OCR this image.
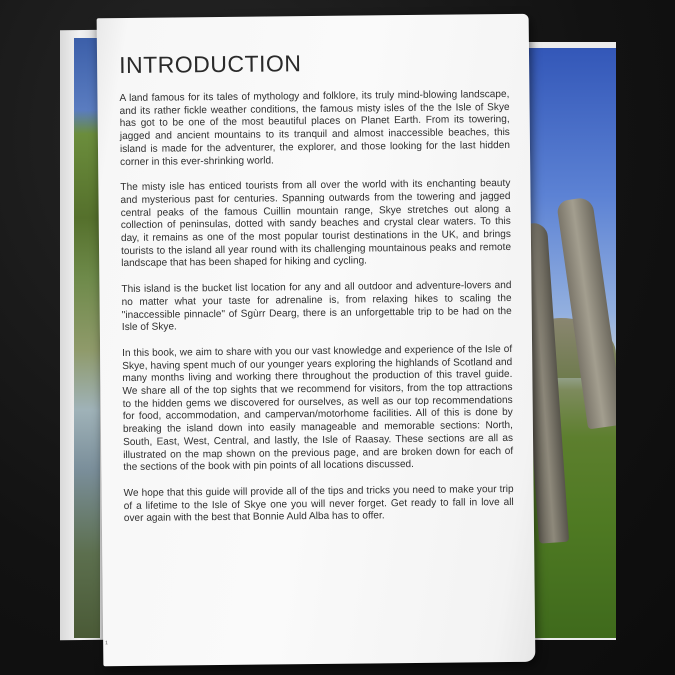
INTRODUCTION

A land famous for its tales of mythology and folklore, its truly mind-blowing landscape, and its rather fickle weather conditions, the famous misty isles of the the Isle of Skye has got to be one of the most beautiful places on Planet Earth. From its towering, jagged and ancient mountains to its tranquil and almost inaccessible beaches, this island is made for the adventurer, the explorer, and those looking for the last hidden corner in this ever-shrinking world.

The misty isle has enticed tourists from all over the world with its enchanting beauty and mysterious past for centuries. Spanning outwards from the towering and jagged central peaks of the famous Cuillin mountain range, Skye stretches out along a collection of peninsulas, dotted with sandy beaches and crystal clear waters. To this day, it remains as one of the most popular tourist destinations in the UK, and brings tourists to the island all year round with its challenging mountainous peaks and remote landscape that has been shaped for hiking and cycling.

This island is the bucket list location for any and all outdoor and adventure-lovers and no matter what your taste for adrenaline is, from relaxing hikes to scaling the "inaccessible pinnacle" of Sgùrr Dearg, there is an unforgettable trip to be had on the Isle of Skye.

In this book, we aim to share with you our vast knowledge and experience of the Isle of Skye, having spent much of our younger years exploring the highlands of Scotland and many months living and working there throughout the production of this travel guide. We share all of the top sights that we recommend for visitors, from the top attractions to the hidden gems we discovered for ourselves, as well as our top recommendations for food, accommodation, and campervan/motorhome facilities. All of this is done by breaking the island down into easily manageable and memorable sections: North, South, East, West, Central, and lastly, the Isle of Raasay. These sections are all as illustrated on the map shown on the previous page, and are broken down for each of the sections of the book with pin points of all locations discussed.

We hope that this guide will provide all of the tips and tricks you need to make your trip of a lifetime to the Isle of Skye one you will never forget. Get ready to fall in love all over again with the best that Bonnie Auld Alba has to offer.

1
